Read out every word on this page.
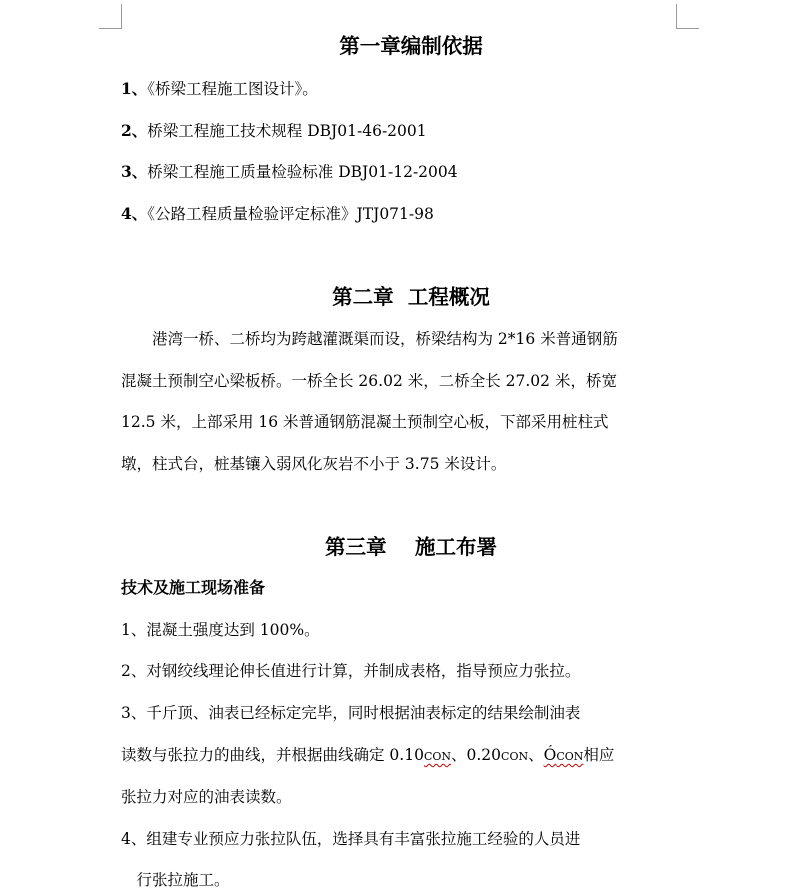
第一章编制依据
1、《桥梁工程施工图设计》。
2、桥梁工程施工技术规程 DBJ01-46-2001
3、桥梁工程施工质量检验标准 DBJ01-12-2004
4、《公路工程质量检验评定标准》JTJ071-98
第二章  工程概况
　　港湾一桥、二桥均为跨越灌溉渠而设，桥梁结构为 2*16 米普通钢筋
混凝土预制空心梁板桥。一桥全长 26.02 米，二桥全长 27.02 米，桥宽
12.5 米，上部采用 16 米普通钢筋混凝土预制空心板，下部采用桩柱式
墩，柱式台，桩基镶入弱风化灰岩不小于 3.75 米设计。
第三章    施工布署
技术及施工现场准备
1、混凝土强度达到 100%。
2、对钢绞线理论伸长值进行计算，并制成表格，指导预应力张拉。
3、千斤顶、油表已经标定完毕，同时根据油表标定的结果绘制油表
读数与张拉力的曲线，并根据曲线确定 0.10CON、0.20CON、ÓCON相应
张拉力对应的油表读数。
4、组建专业预应力张拉队伍，选择具有丰富张拉施工经验的人员进
　行张拉施工。
